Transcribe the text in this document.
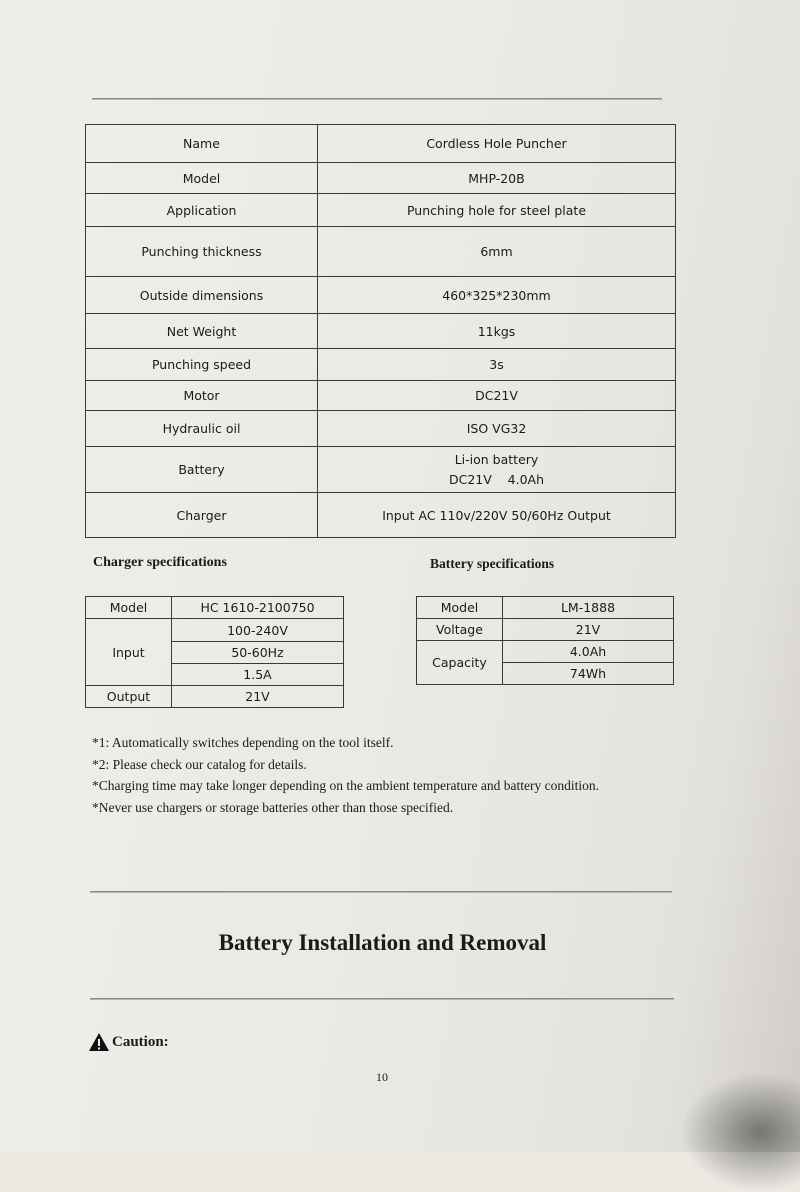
Name	Cordless Hole Puncher
Model	MHP-20B
Application	Punching hole for steel plate
Punching thickness	6mm
Outside dimensions	460*325*230mm
Net Weight	11kgs
Punching speed	3s
Motor	DC21V
Hydraulic oil	ISO VG32
Battery	Li-ion battery
DC21V    4.0Ah

Charger	Input AC 110v/220V 50/60Hz Output
Charger specifications	Battery specifications
Model	HC 1610-2100750
Input	100-240V
	50-60Hz
	1.5A
Output	21V
Model	LM-1888
Voltage	21V
Capacity	4.0Ah
	74Wh
*1: Automatically switches depending on the tool itself.
*2: Please check our catalog for details.
*Charging time may take longer depending on the ambient temperature and battery condition.
*Never use chargers or storage batteries other than those specified.
Battery Installation and Removal
Caution:
10
